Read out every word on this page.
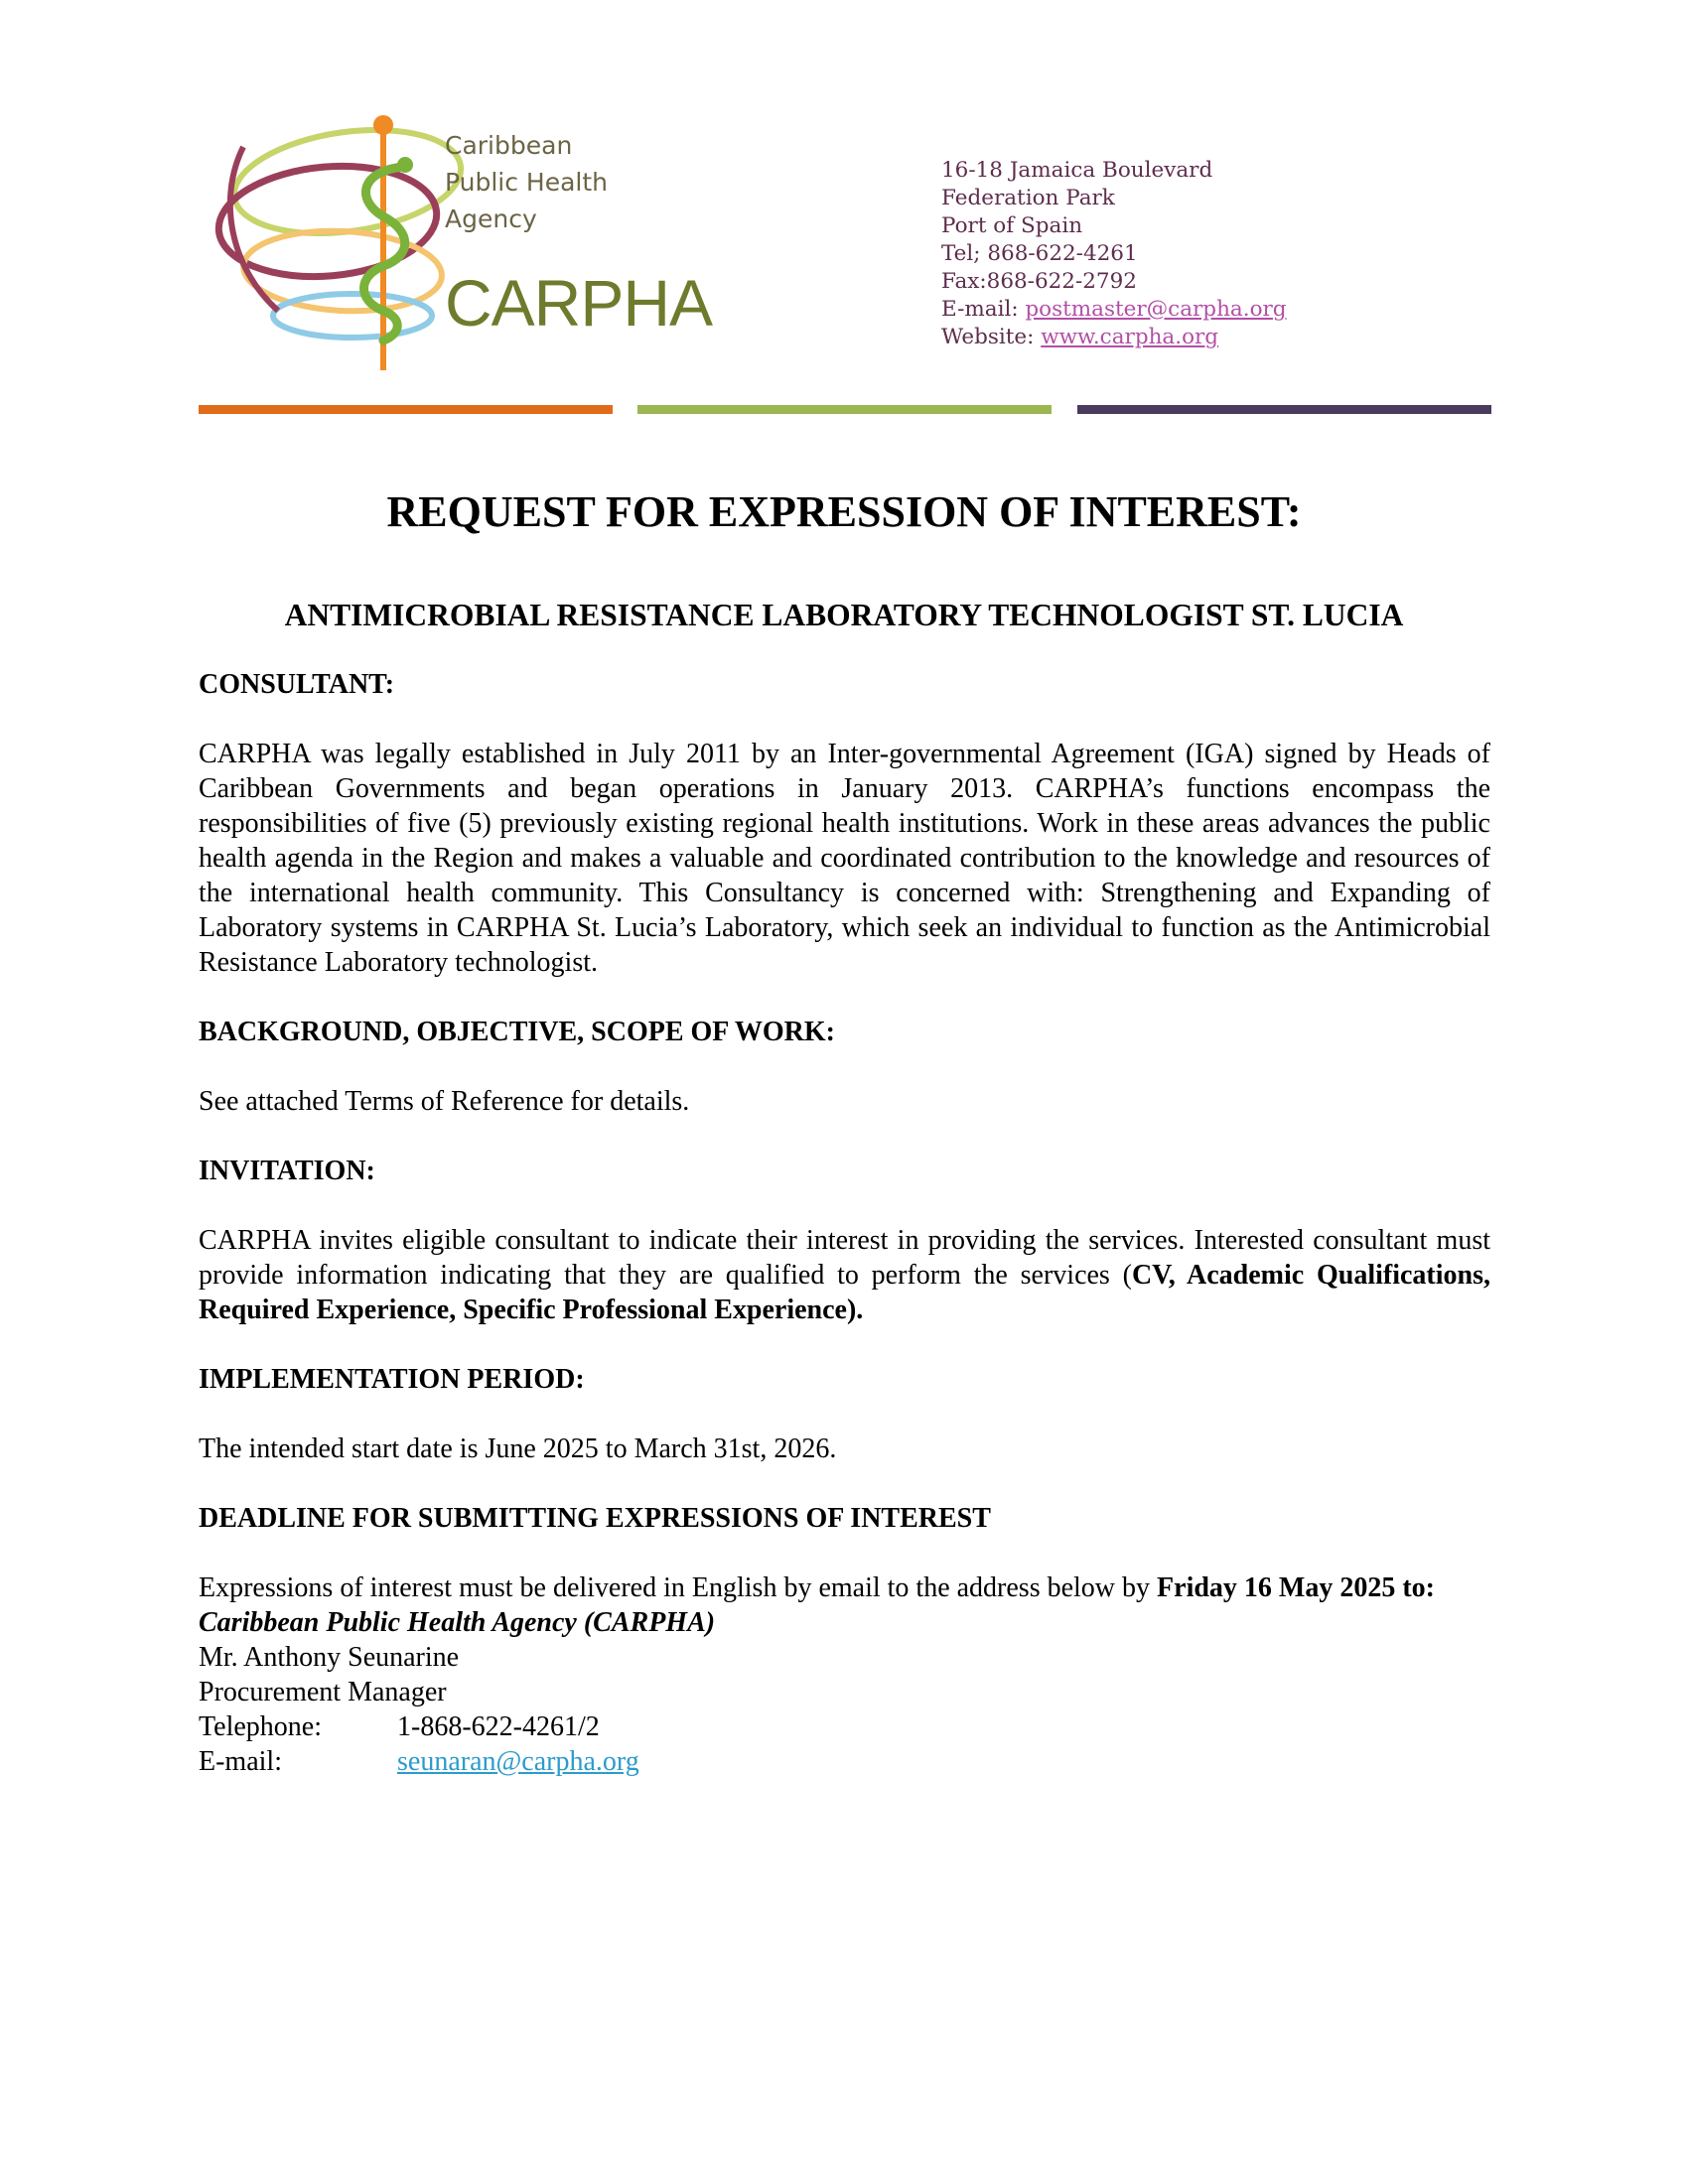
Caribbean
Public Health
Agency
CARPHA
16-18 Jamaica Boulevard
Federation Park
Port of Spain
Tel; 868-622-4261
Fax:868-622-2792
E-mail: postmaster@carpha.org
Website: www.carpha.org
REQUEST FOR EXPRESSION OF INTEREST:
ANTIMICROBIAL RESISTANCE LABORATORY TECHNOLOGIST ST. LUCIA

CONSULTANT:

CARPHA was legally established in July 2011 by an Inter-governmental Agreement (IGA) signed by Heads of Caribbean Governments and began operations in January 2013. CARPHA’s functions encompass the responsibilities of five (5) previously existing regional health institutions. Work in these areas advances the public health agenda in the Region and makes a valuable and coordinated contribution to the knowledge and resources of the international health community. This Consultancy is concerned with: Strengthening and Expanding of Laboratory systems in CARPHA St. Lucia’s Laboratory, which seek an individual to function as the Antimicrobial Resistance Laboratory technologist.

BACKGROUND, OBJECTIVE, SCOPE OF WORK:

See attached Terms of Reference for details.

INVITATION:

CARPHA invites eligible consultant to indicate their interest in providing the services. Interested consultant must provide information indicating that they are qualified to perform the services (CV, Academic Qualifications, Required Experience, Specific Professional Experience).

IMPLEMENTATION PERIOD:

The intended start date is June 2025 to March 31st, 2026.

DEADLINE FOR SUBMITTING EXPRESSIONS OF INTEREST

Expressions of interest must be delivered in English by email to the address below by Friday 16 May 2025 to:

Caribbean Public Health Agency (CARPHA)

Mr. Anthony Seunarine

Procurement Manager

Telephone:	1-868-622-4261/2
E-mail:	seunaran@carpha.org
